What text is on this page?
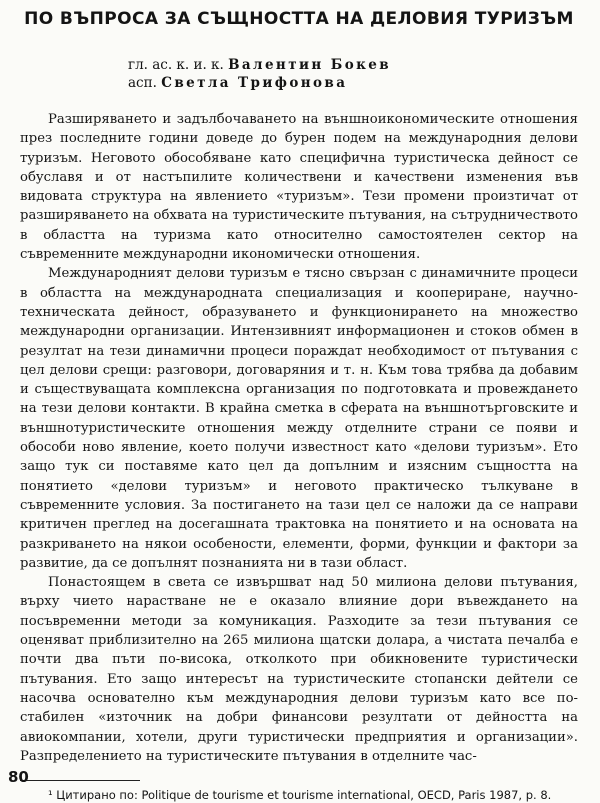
ПО ВЪПРОСА ЗА СЪЩНОСТТА НА ДЕЛОВИЯ ТУРИЗЪМ
гл. ас. к. и. к. Валентин Бокев
асп. Светла Трифонова

Разширяването и задълбочаването на външноикономическите отношения през последните години доведе до бурен подем на международния делови туризъм. Неговото обособяване като специфична туристическа дейност се обуславя и от настъпилите количествени и качествени изменения във видовата структура на явлението «туризъм». Тези промени произтичат от разширяването на обхвата на туристическите пътувания, на сътрудничеството в областта на туризма като относително самостоятелен сектор на съвременните международни икономически отношения.

Международният делови туризъм е тясно свързан с динамичните процеси в областта на международната специализация и коопериране, научно-техническата дейност, образуването и функционирането на множество международни организации. Интензивният информационен и стоков обмен в резултат на тези динамични процеси пораждат необходимост от пътувания с цел делови срещи: разговори, договаряния и т. н. Към това трябва да добавим и съществуващата комплексна организация по подготовката и провеждането на тези делови контакти. В крайна сметка в сферата на външнотърговските и външнотуристическите отношения между отделните страни се появи и обособи ново явление, което получи известност като «делови туризъм». Ето защо тук си поставяме като цел да допълним и изясним същността на понятието «делови туризъм» и неговото практическо тълкуване в съвременните условия. За постигането на тази цел се наложи да се направи критичен преглед на досегашната трактовка на понятието и на основата на разкриването на някои особености, елементи, форми, функции и фактори за развитие, да се допълнят познанията ни в тази област.

Понастоящем в света се извършват над 50 милиона делови пътувания, върху чието нарастване не е оказало влияние дори въвеждането на посъвременни методи за комуникация. Разходите за тези пътувания се оценяват приблизително на 265 милиона щатски долара, а чистата печалба е почти два пъти по-висока, отколкото при обикновените туристически пътувания. Ето защо интересът на туристическите стопански дейтели се насочва основателно към международния делови туризъм като все по-стабилен «източник на добри финансови резултати от дейността на авиокомпании, хотели, други туристически предприятия и организации». Разпределението на туристическите пътувания в отделните час-

¹ Цитирано по: Politique de tourisme et tourisme international, OECD, Paris 1987, p. 8.
80
